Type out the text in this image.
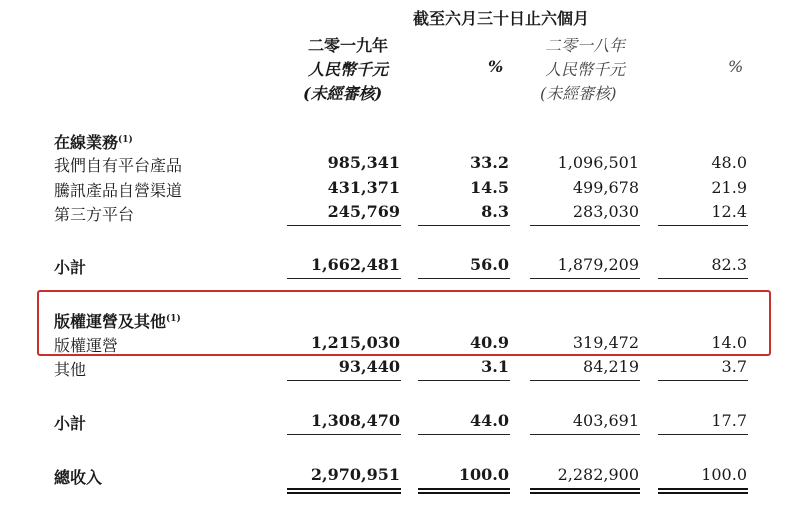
截至六月三十日止六個月
二零一九年
人民幣千元
(未經審核)
%
二零一八年
人民幣千元
(未經審核)
%
在線業務$^{(1)}$
我們自有平台產品	985,341	33.2	1,096,501	48.0
騰訊產品自營渠道	431,371	14.5	499,678	21.9
第三方平台	245,769	8.3	283,030	12.4
小計	1,662,481	56.0	1,879,209	82.3
版權運營及其他$^{(1)}$
版權運營	1,215,030	40.9	319,472	14.0
其他	93,440	3.1	84,219	3.7
小計	1,308,470	44.0	403,691	17.7
總收入	2,970,951	100.0	2,282,900	100.0
